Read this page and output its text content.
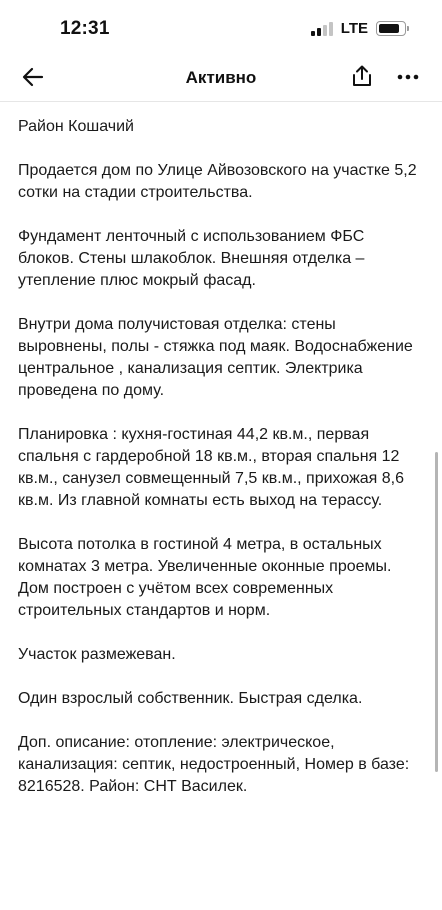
12:31	LTE
Активно

Район Кошачий

Продается дом по Улице Айвозовского на участке 5,2 сотки на стадии строительства.

Фундамент ленточный с использованием ФБС блоков. Стены шлакоблок. Внешняя отделка – утепление плюс мокрый фасад.

Внутри дома получистовая отделка: стены выровнены, полы - стяжка под маяк. Водоснабжение центральное , канализация септик. Электрика проведена по дому.

Планировка : кухня-гостиная 44,2 кв.м., первая спальня с гардеробной 18 кв.м., вторая спальня 12 кв.м., санузел совмещенный 7,5 кв.м., прихожая 8,6 кв.м. Из главной комнаты есть выход на терассу.

Высота потолка в гостиной 4 метра, в остальных комнатах 3 метра. Увеличенные оконные проемы. Дом построен с учётом всех современных строительных стандартов и норм.

Участок размежеван.

Один взрослый собственник. Быстрая сделка.

Доп. описание: отопление: электрическое, канализация: септик, недостроенный, Номер в базе: 8216528. Район: СНТ Василек.
